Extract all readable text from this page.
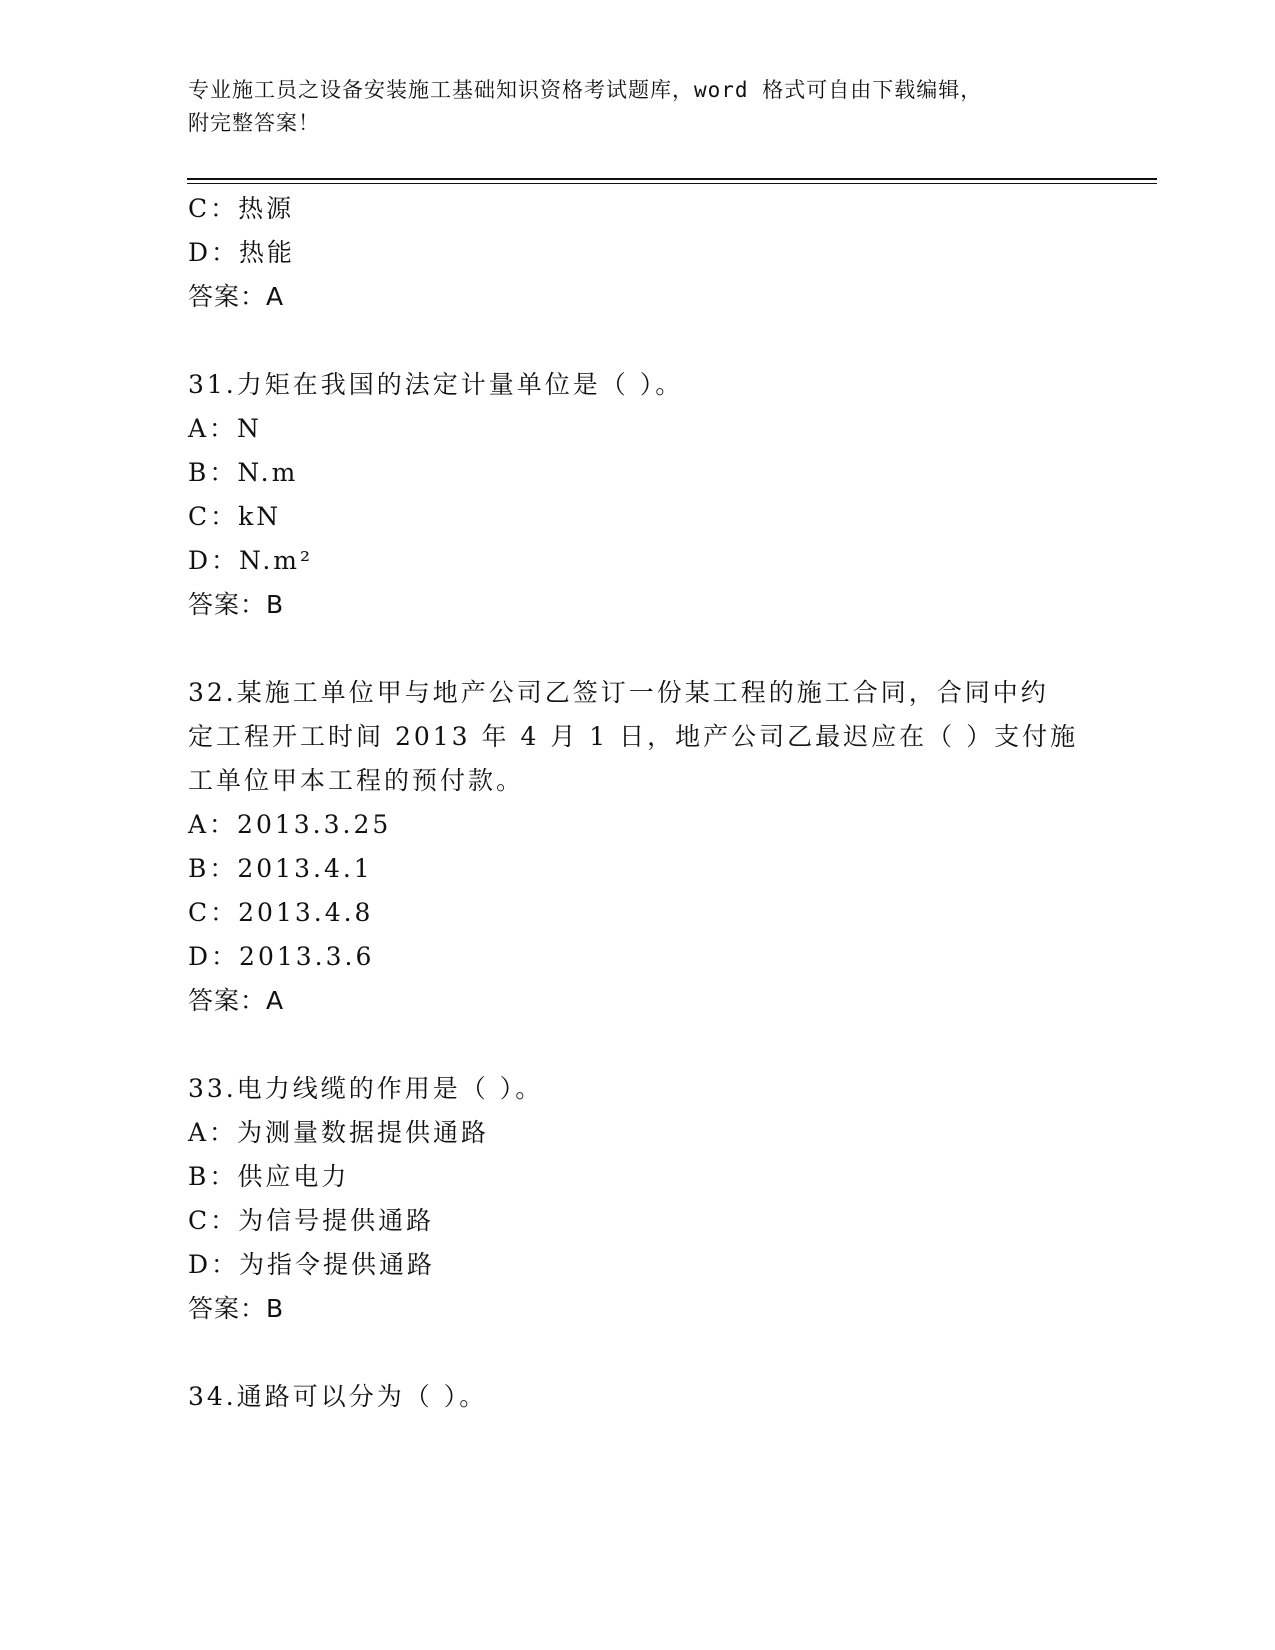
专业施工员之设备安装施工基础知识资格考试题库，word 格式可自由下载编辑，
附完整答案！
C：热源
D：热能
答案：A
31.力矩在我国的法定计量单位是（ ）。
A：N
B：N.m
C：kN
D：N.m²
答案：B
32.某施工单位甲与地产公司乙签订一份某工程的施工合同，合同中约
定工程开工时间 2013 年 4 月 1 日，地产公司乙最迟应在（ ）支付施
工单位甲本工程的预付款。
A：2013.3.25
B：2013.4.1
C：2013.4.8
D：2013.3.6
答案：A
33.电力线缆的作用是（ ）。
A：为测量数据提供通路
B：供应电力
C：为信号提供通路
D：为指令提供通路
答案：B
34.通路可以分为（ ）。
